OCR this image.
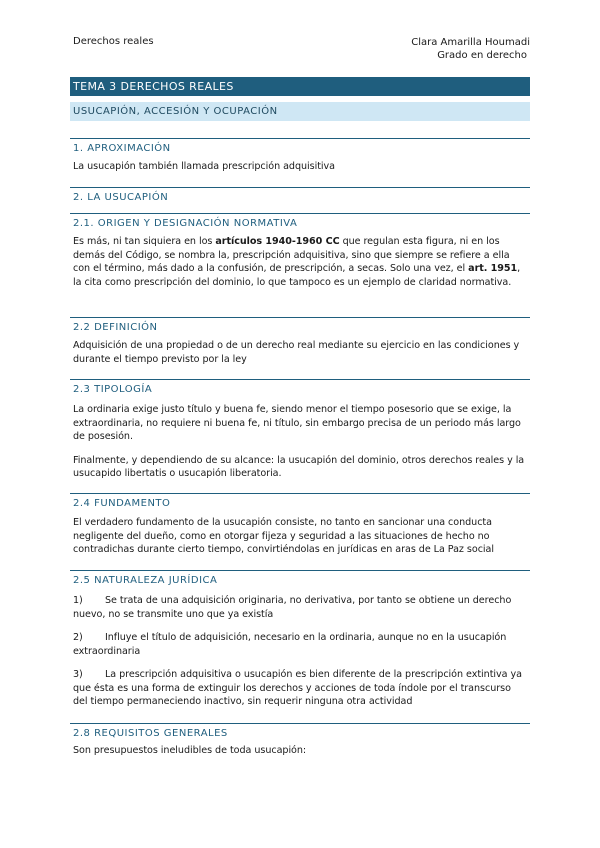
Derechos reales	Clara Amarilla Houmadi
Grado en derecho
TEMA 3 DERECHOS REALES
USUCAPIÓN, ACCESIÓN Y OCUPACIÓN
1. APROXIMACIÓN
La usucapión también llamada prescripción adquisitiva
2. LA USUCAPIÓN
2.1. ORIGEN Y DESIGNACIÓN NORMATIVA
Es más, ni tan siquiera en los artículos 1940-1960 CC que regulan esta figura, ni en los demás del Código, se nombra la, prescripción adquisitiva, sino que siempre se refiere a ella con el término, más dado a la confusión, de prescripción, a secas. Solo una vez, el art. 1951, la cita como prescripción del dominio, lo que tampoco es un ejemplo de claridad normativa.
2.2 DEFINICIÓN
Adquisición de una propiedad o de un derecho real mediante su ejercicio en las condiciones y durante el tiempo previsto por la ley
2.3 TIPOLOGÍA
La ordinaria exige justo título y buena fe, siendo menor el tiempo posesorio que se exige, la extraordinaria, no requiere ni buena fe, ni título, sin embargo precisa de un periodo más largo de posesión.
Finalmente, y dependiendo de su alcance: la usucapión del dominio, otros derechos reales y la usucapido libertatis o usucapión liberatoria.
2.4 FUNDAMENTO
El verdadero fundamento de la usucapión consiste, no tanto en sancionar una conducta negligente del dueño, como en otorgar fijeza y seguridad a las situaciones de hecho no contradichas durante cierto tiempo, convirtiéndolas en jurídicas en aras de La Paz social
2.5 NATURALEZA JURÍDICA
1) Se trata de una adquisición originaria, no derivativa, por tanto se obtiene un derecho nuevo, no se transmite uno que ya existía
2) Influye el título de adquisición, necesario en la ordinaria, aunque no en la usucapión extraordinaria
3) La prescripción adquisitiva o usucapión es bien diferente de la prescripción extintiva ya que ésta es una forma de extinguir los derechos y acciones de toda índole por el transcurso del tiempo permaneciendo inactivo, sin requerir ninguna otra actividad
2.8 REQUISITOS GENERALES
Son presupuestos ineludibles de toda usucapión:
